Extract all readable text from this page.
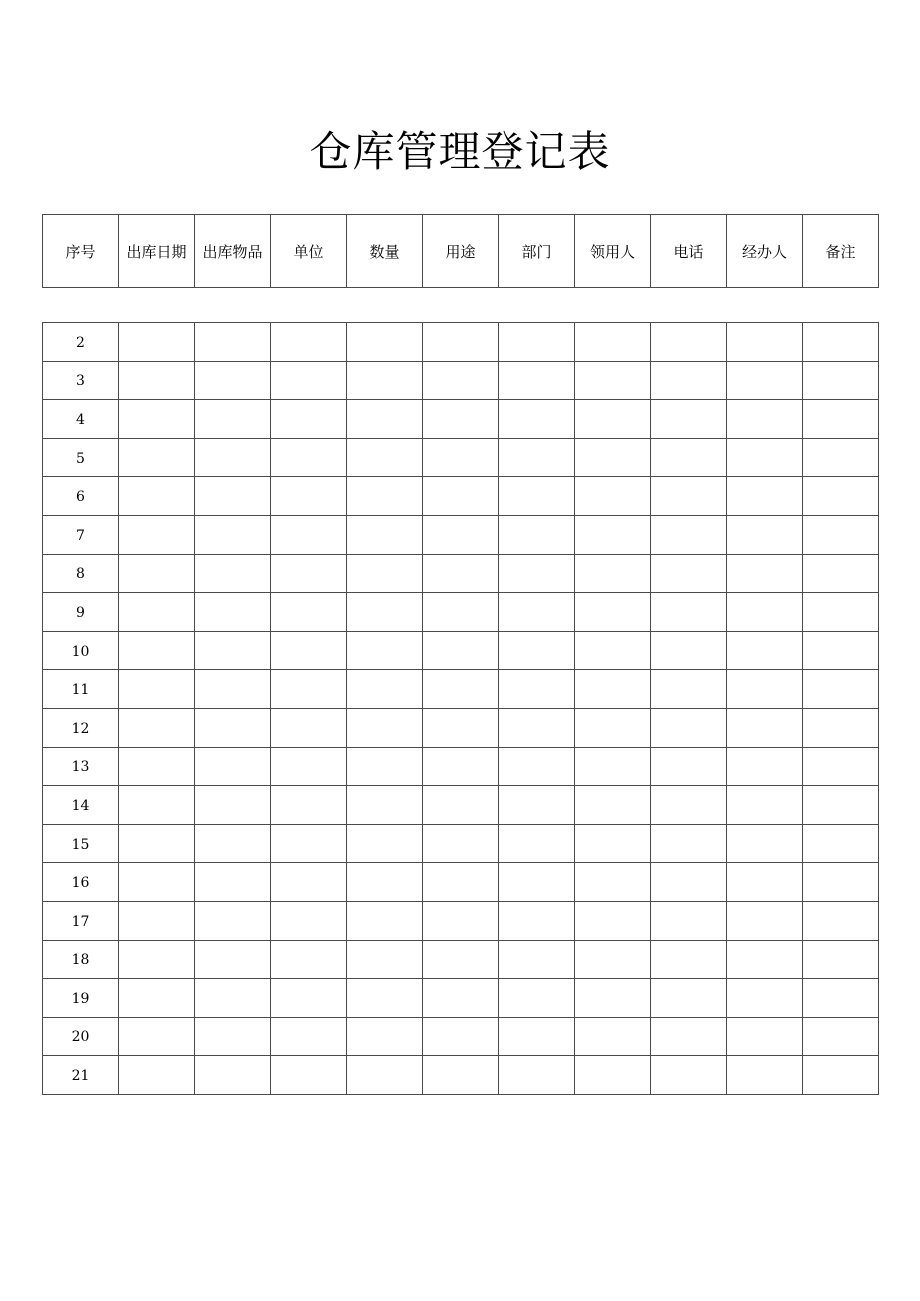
仓库管理登记表
序号	出库日期	出库物品	单位	数量	用途	部门	领用人	电话	经办人	备注
2										
3										
4										
5										
6										
7										
8										
9										
10										
11										
12										
13										
14										
15										
16										
17										
18										
19										
20										
21										
